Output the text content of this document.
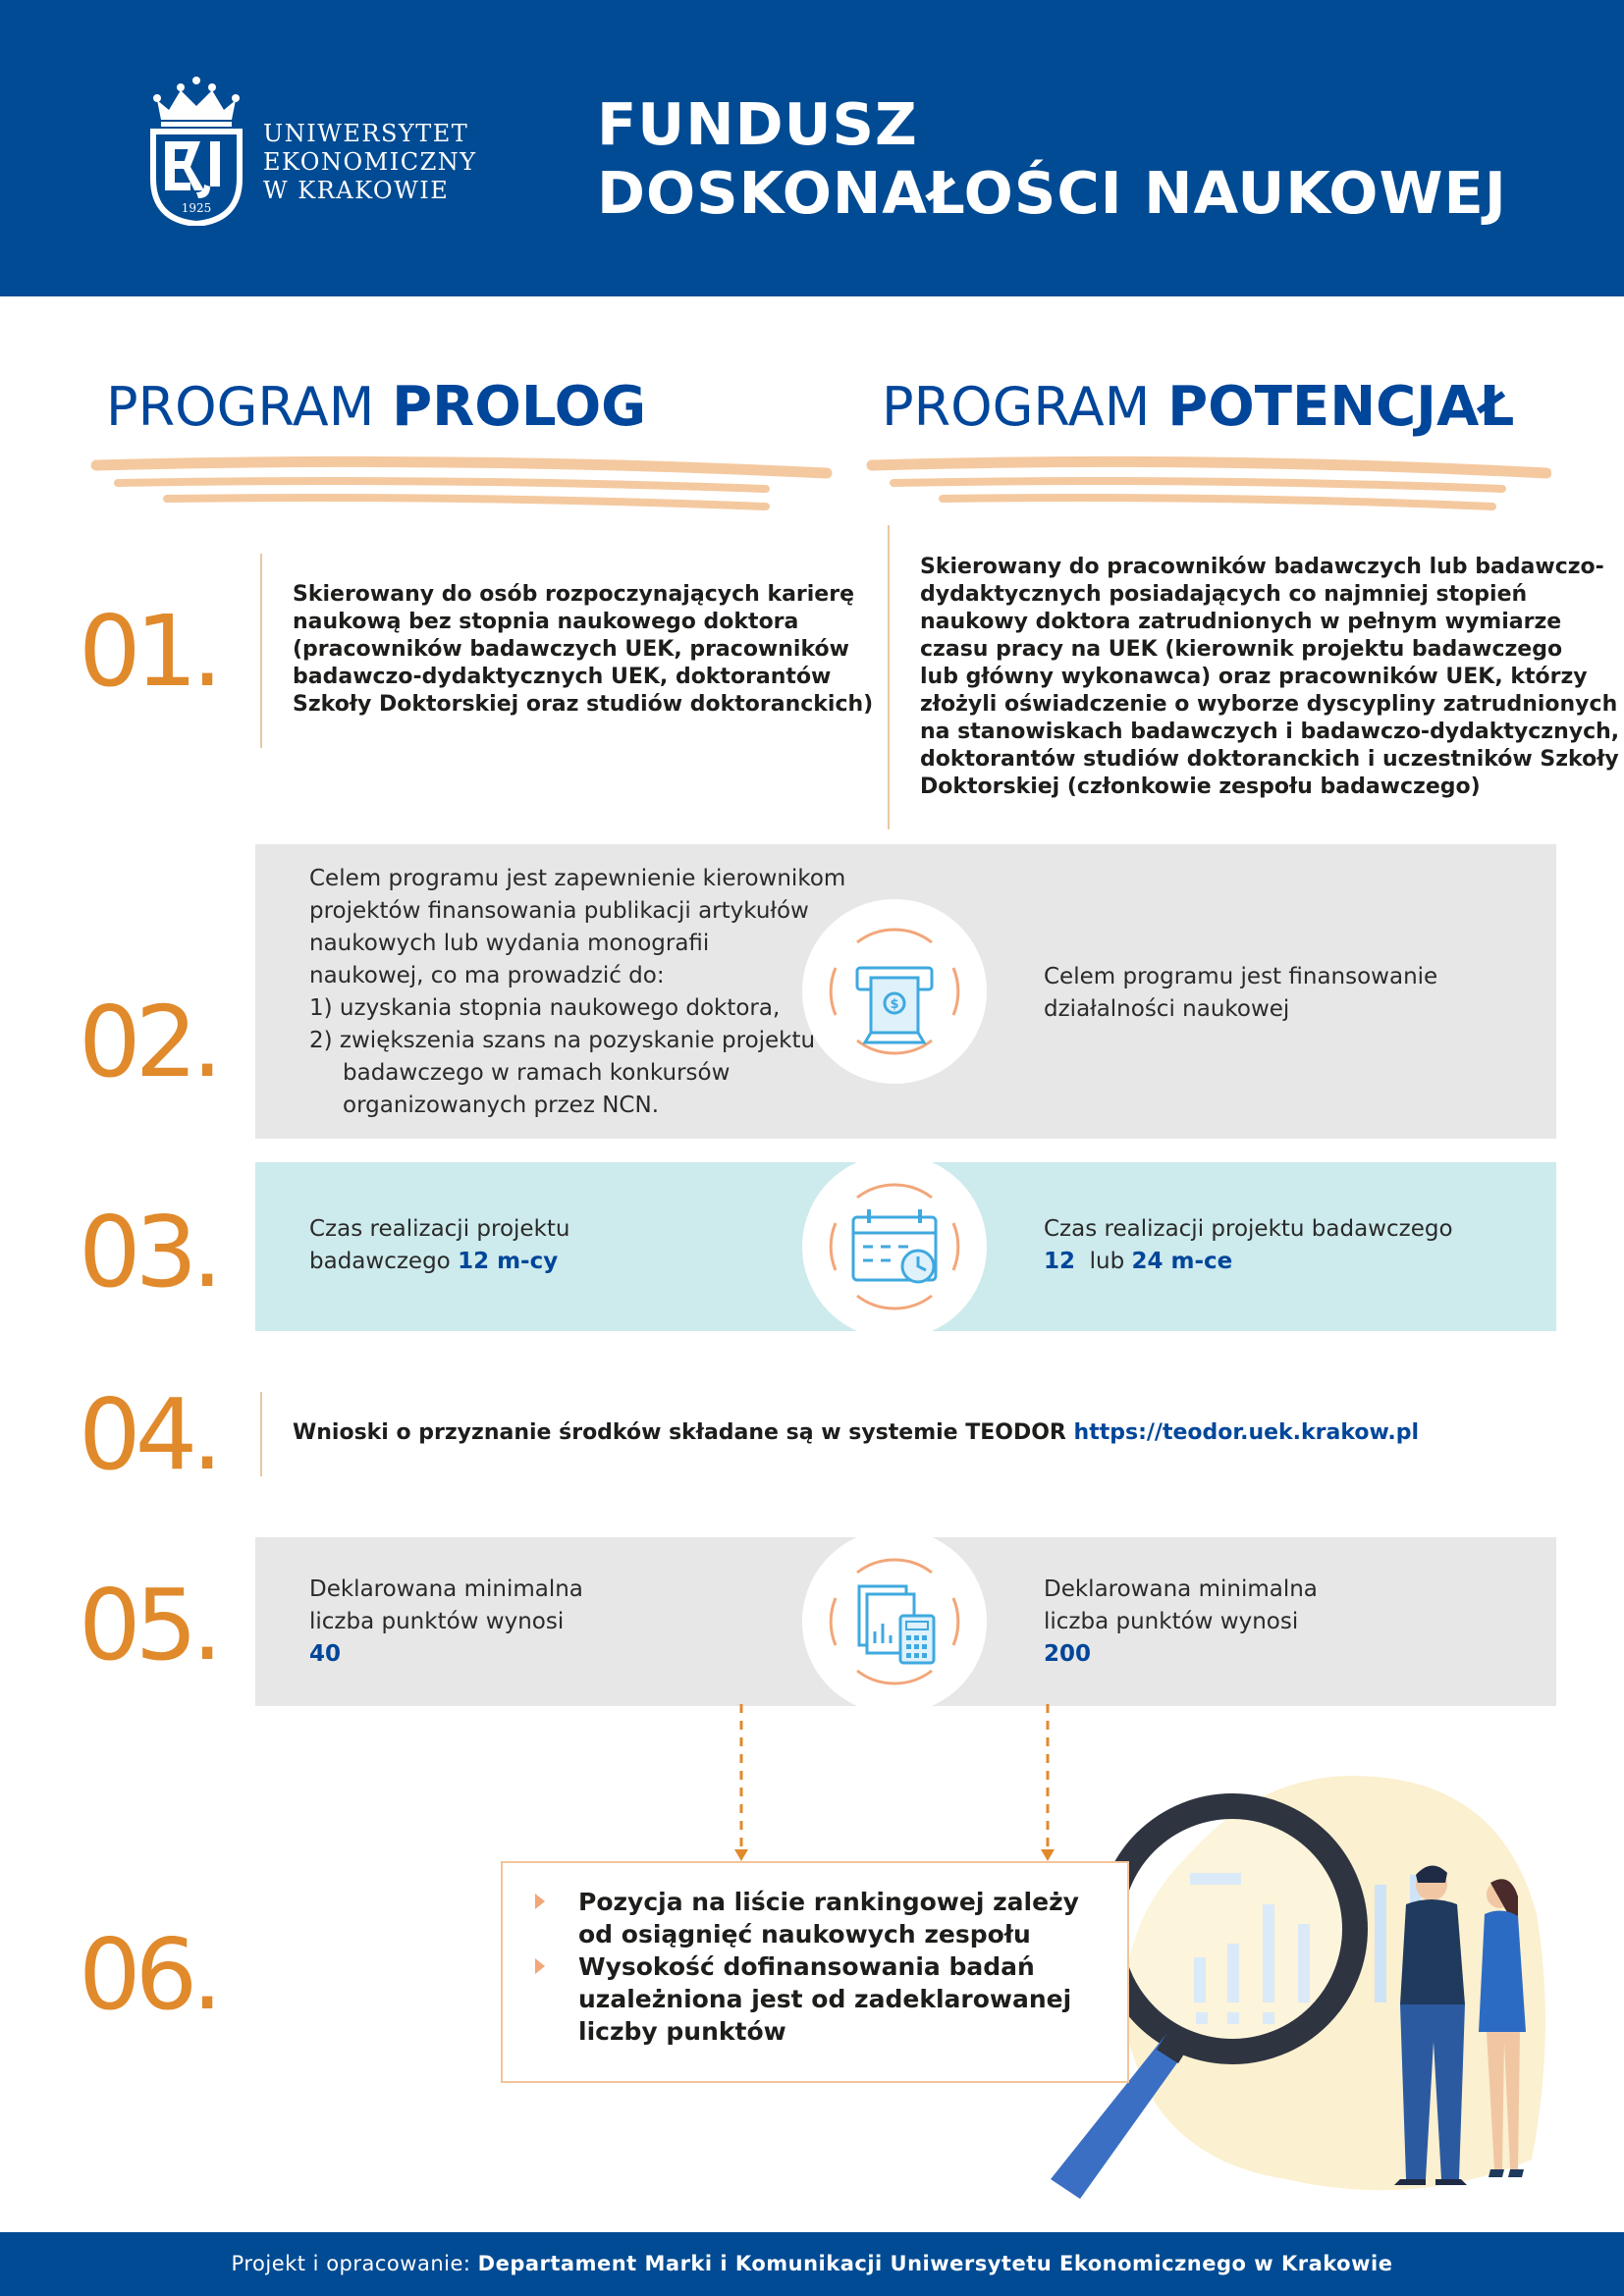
1925
UNIWERSYTET
EKONOMICZNY
W KRAKOWIE
FUNDUSZ
DOSKONAŁOŚCI NAUKOWEJ
PROGRAM PROLOG	PROGRAM POTENCJAŁ
01.	Skierowany do osób rozpoczynających karierę
naukową bez stopnia naukowego doktora
(pracowników badawczych UEK, pracowników
badawczo-dydaktycznych UEK, doktorantów
Szkoły Doktorskiej oraz studiów doktoranckich)
Skierowany do pracowników badawczych lub badawczo-
dydaktycznych posiadających co najmniej stopień
naukowy doktora zatrudnionych w pełnym wymiarze
czasu pracy na UEK (kierownik projektu badawczego
lub główny wykonawca) oraz pracowników UEK, którzy
złożyli oświadczenie o wyborze dyscypliny zatrudnionych
na stanowiskach badawczych i badawczo-dydaktycznych,
doktorantów studiów doktoranckich i uczestników Szkoły
Doktorskiej (członkowie zespołu badawczego)
02.
Celem programu jest zapewnienie kierownikom
projektów finansowania publikacji artykułów
naukowych lub wydania monografii
naukowej, co ma prowadzić do:
1) uzyskania stopnia naukowego doktora,
2) zwiększenia szans na pozyskanie projektu
badawczego w ramach konkursów
organizowanych przez NCN.
$
Celem programu jest finansowanie
działalności naukowej
03.	Czas realizacji projektu
badawczego 12 m-cy
Czas realizacji projektu badawczego
12  lub 24 m-ce
04.	Wnioski o przyznanie środków składane są w systemie TEODOR https://teodor.uek.krakow.pl
05.	Deklarowana minimalna
liczba punktów wynosi
40
Deklarowana minimalna
liczba punktów wynosi
200
06.
Pozycja na liście rankingowej zależy
od osiągnięć naukowych zespołu
Wysokość dofinansowania badań
uzależniona jest od zadeklarowanej
liczby punktów
Projekt i opracowanie: Departament Marki i Komunikacji Uniwersytetu Ekonomicznego w Krakowie
